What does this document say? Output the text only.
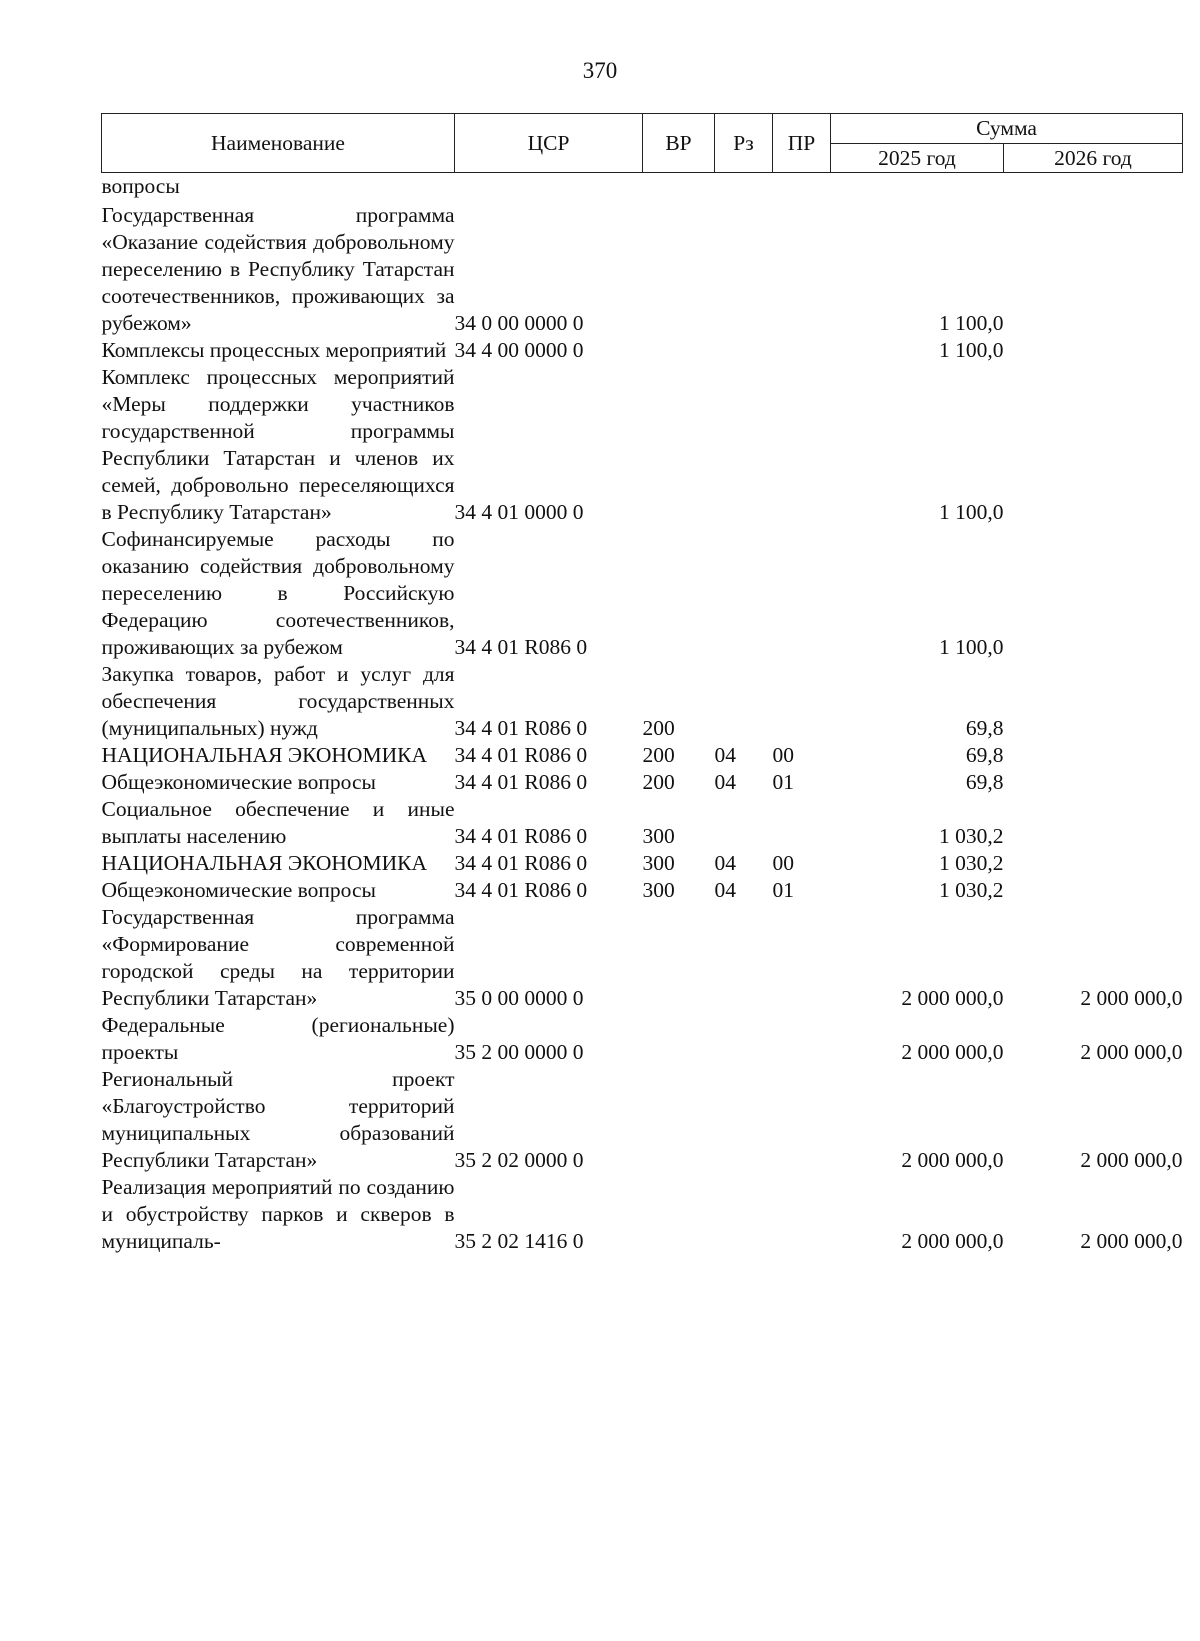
370
Наименование	ЦСР	ВР	Рз	ПР	Сумма	
					2025 год	2026 год
вопросы						
Государственная программа «Оказание содействия добровольному переселению в Республику Татарстан соотечественников, проживающих за рубежом»	34 0 00 0000 0				1 100,0	
Комплексы процессных мероприятий	34 4 00 0000 0				1 100,0	
Комплекс процессных мероприятий «Меры поддержки участников государственной программы Республики Татарстан и членов их семей, добровольно переселяющихся в Республику Татарстан»	34 4 01 0000 0				1 100,0	
Софинансируемые расходы по оказанию содействия добровольному переселению в Российскую Федерацию соотечественников, проживающих за рубежом	34 4 01 R086 0				1 100,0	
Закупка товаров, работ и услуг для обеспечения государственных (муниципальных) нужд	34 4 01 R086 0	200			69,8	
НАЦИОНАЛЬНАЯ ЭКОНОМИКА	34 4 01 R086 0	200	04	00	69,8	
Общеэкономические вопросы	34 4 01 R086 0	200	04	01	69,8	
Социальное обеспечение и иные выплаты населению	34 4 01 R086 0	300			1 030,2	
НАЦИОНАЛЬНАЯ ЭКОНОМИКА	34 4 01 R086 0	300	04	00	1 030,2	
Общеэкономические вопросы	34 4 01 R086 0	300	04	01	1 030,2	
Государственная программа «Формирование современной городской среды на территории Республики Татарстан»	35 0 00 0000 0				2 000 000,0	2 000 000,0
Федеральные (региональные) проекты	35 2 00 0000 0				2 000 000,0	2 000 000,0
Региональный проект «Благоустройство территорий муниципальных образований Республики Татарстан»	35 2 02 0000 0				2 000 000,0	2 000 000,0
Реализация мероприятий по созданию и обустройству парков и скверов в муниципаль-	35 2 02 1416 0				2 000 000,0	2 000 000,0
